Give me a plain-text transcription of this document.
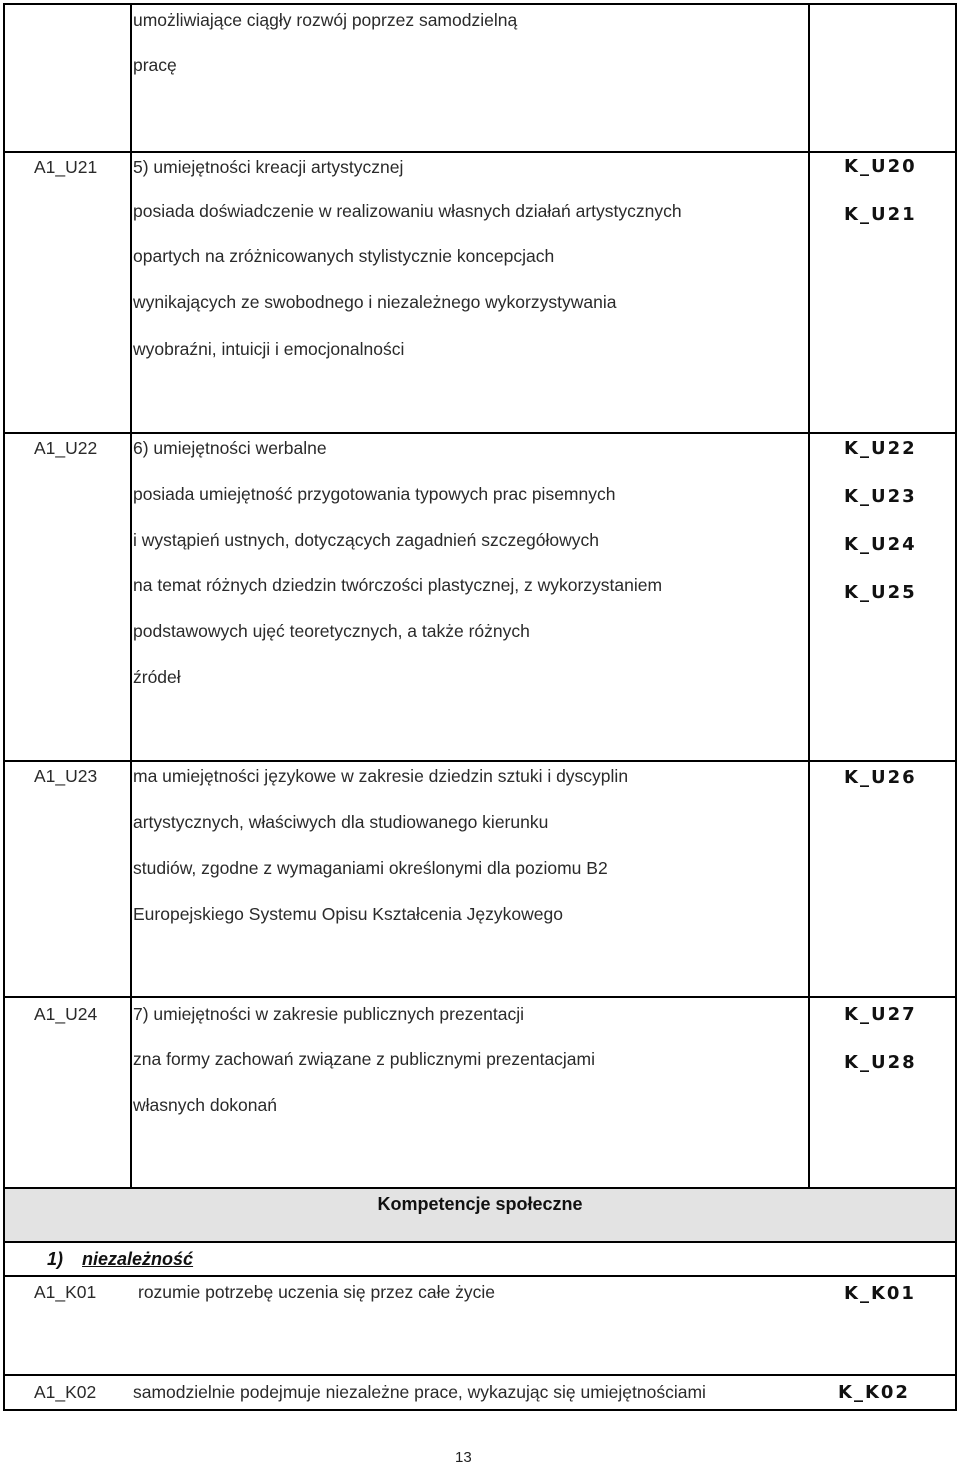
umożliwiające ciągły rozwój poprzez samodzielną
pracę
A1_U21 5) umiejętności kreacji artystycznej
posiada doświadczenie w realizowaniu własnych działań artystycznych
opartych na zróżnicowanych stylistycznie koncepcjach
wynikających ze swobodnego i niezależnego wykorzystywania
wyobraźni, intuicji i emocjonalności
K_U20
K_U21
A1_U22 6) umiejętności werbalne
posiada umiejętność przygotowania typowych prac pisemnych
i wystąpień ustnych, dotyczących zagadnień szczegółowych
na temat różnych dziedzin twórczości plastycznej, z wykorzystaniem
podstawowych ujęć teoretycznych, a także różnych
źródeł
K_U22
K_U23
K_U24
K_U25
A1_U23 ma umiejętności językowe w zakresie dziedzin sztuki i dyscyplin
artystycznych, właściwych dla studiowanego kierunku
studiów, zgodne z wymaganiami określonymi dla poziomu B2
Europejskiego Systemu Opisu Kształcenia Językowego
K_U26
A1_U24 7) umiejętności w zakresie publicznych prezentacji
zna formy zachowań związane z publicznymi prezentacjami
własnych dokonań
K_U27
K_U28
Kompetencje społeczne
1) niezależność
A1_K01 rozumie potrzebę uczenia się przez całe życie	K_K01
A1_K02 samodzielnie podejmuje niezależne prace, wykazując się umiejętnościami	K_K02
13
